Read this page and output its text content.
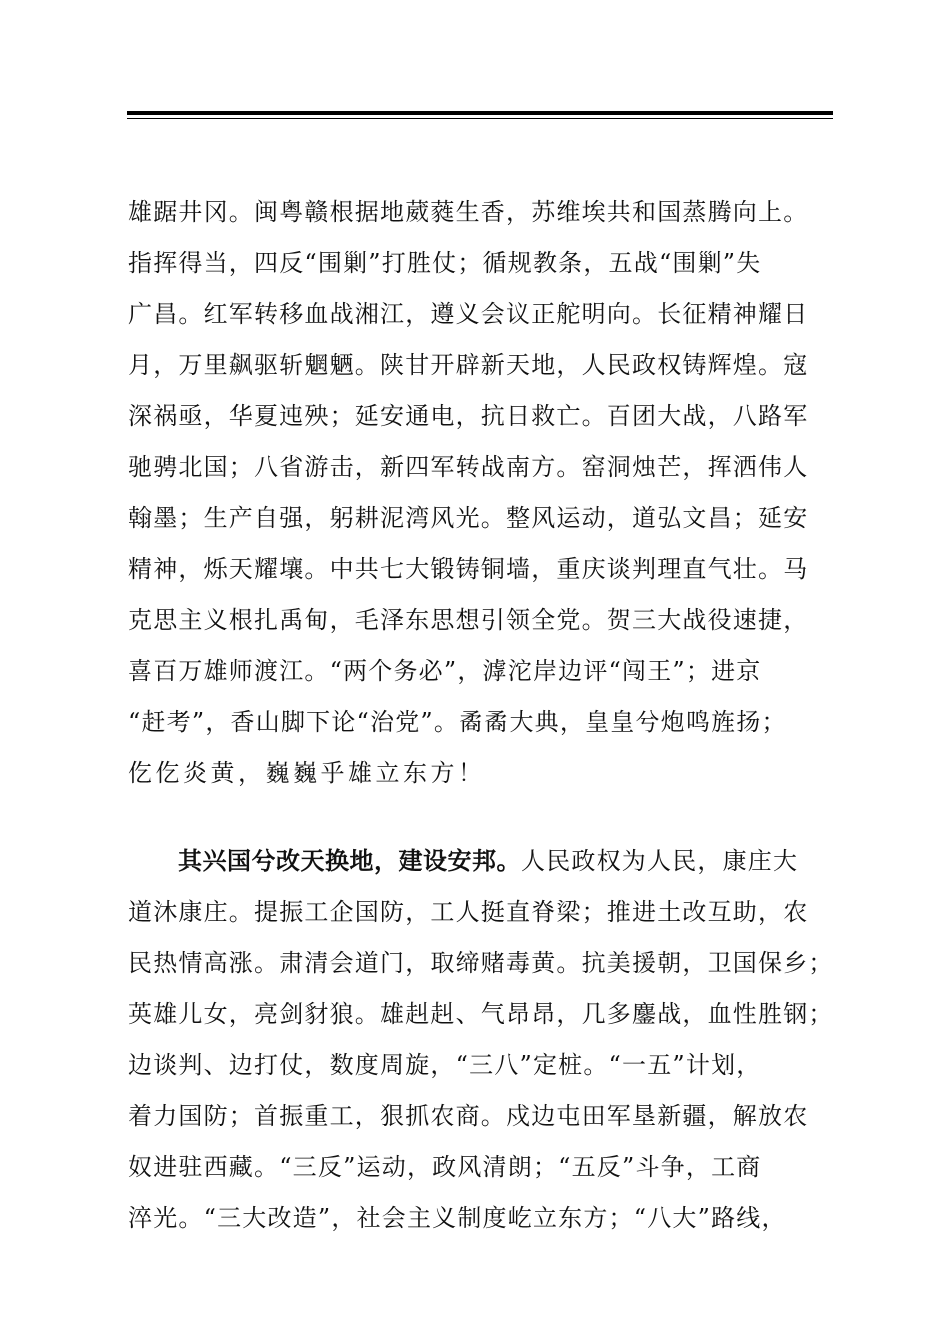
雄踞井冈。闽粤赣根据地葳蕤生香，苏维埃共和国蒸腾向上。
指挥得当，四反“围剿”打胜仗；循规教条，五战“围剿”失
广昌。红军转移血战湘江，遵义会议正舵明向。长征精神耀日
月，万里飙驱斩魍魉。陕甘开辟新天地，人民政权铸辉煌。寇
深祸亟，华夏迍殃；延安通电，抗日救亡。百团大战，八路军
驰骋北国；八省游击，新四军转战南方。窑洞烛芒，挥洒伟人
翰墨；生产自强，躬耕泥湾风光。整风运动，道弘文昌；延安
精神，烁天耀壤。中共七大锻铸铜墙，重庆谈判理直气壮。马
克思主义根扎禹甸，毛泽东思想引领全党。贺三大战役速捷，
喜百万雄师渡江。“两个务必”，滹沱岸边评“闯王”；进京
“赶考”，香山脚下论“治党”。矞矞大典，皇皇兮炮鸣旌扬；
仡仡炎黄，巍巍乎雄立东方！
其兴国兮改天换地，建设安邦。人民政权为人民，康庄大
道沐康庄。提振工企国防，工人挺直脊梁；推进土改互助，农
民热情高涨。肃清会道门，取缔赌毒黄。抗美援朝，卫国保乡；
英雄儿女，亮剑豺狼。雄赳赳、气昂昂，几多鏖战，血性胜钢；
边谈判、边打仗，数度周旋，“三八”定桩。“一五”计划，
着力国防；首振重工，狠抓农商。戍边屯田军垦新疆，解放农
奴进驻西藏。“三反”运动，政风清朗；“五反”斗争，工商
淬光。“三大改造”，社会主义制度屹立东方；“八大”路线，
